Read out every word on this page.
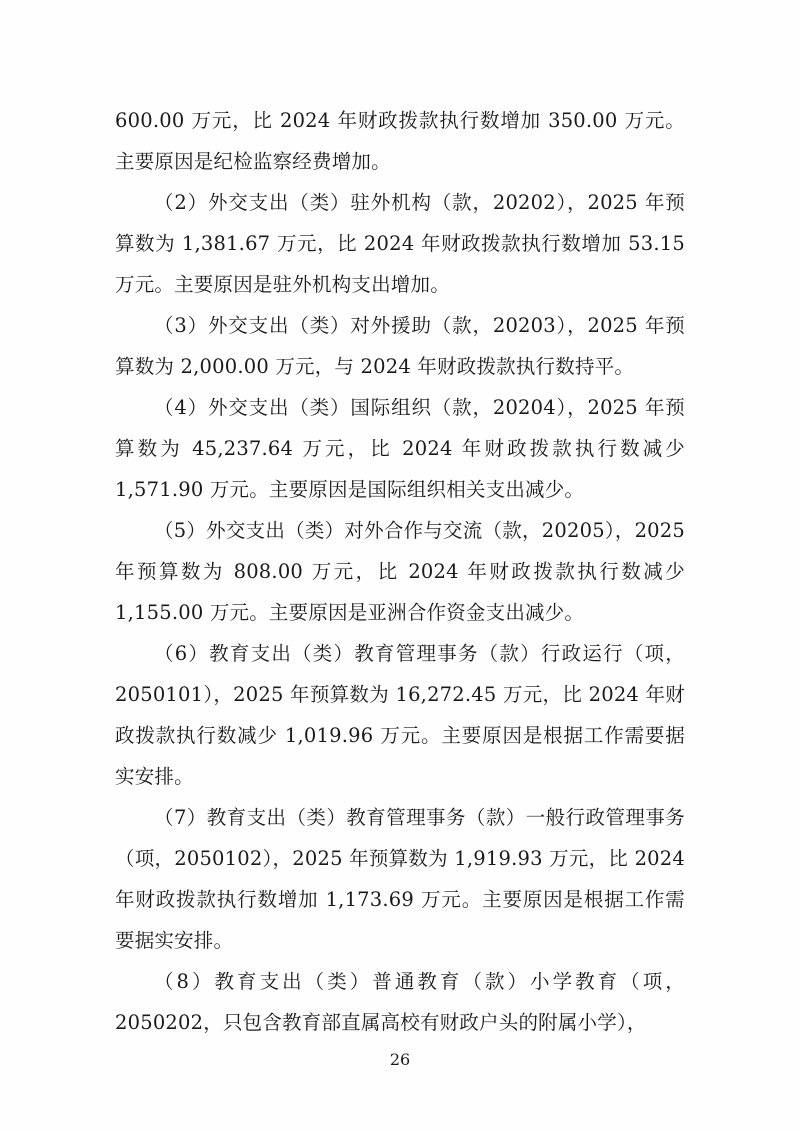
600.00 万元，比 2024 年财政拨款执行数增加 350.00 万元。主要原因是纪检监察经费增加。

（2）外交支出（类）驻外机构（款，20202），2025 年预算数为 1,381.67 万元，比 2024 年财政拨款执行数增加 53.15 万元。主要原因是驻外机构支出增加。

（3）外交支出（类）对外援助（款，20203），2025 年预算数为 2,000.00 万元，与 2024 年财政拨款执行数持平。

（4）外交支出（类）国际组织（款，20204），2025 年预算数为 45,237.64 万元，比 2024 年财政拨款执行数减少 1,571.90 万元。主要原因是国际组织相关支出减少。

（5）外交支出（类）对外合作与交流（款，20205），2025 年预算数为 808.00 万元，比 2024 年财政拨款执行数减少 1,155.00 万元。主要原因是亚洲合作资金支出减少。

（6）教育支出（类）教育管理事务（款）行政运行（项，2050101），2025 年预算数为 16,272.45 万元，比 2024 年财政拨款执行数减少 1,019.96 万元。主要原因是根据工作需要据实安排。

（7）教育支出（类）教育管理事务（款）一般行政管理事务（项，2050102），2025 年预算数为 1,919.93 万元，比 2024 年财政拨款执行数增加 1,173.69 万元。主要原因是根据工作需要据实安排。

（8）教育支出（类）普通教育（款）小学教育（项，2050202，只包含教育部直属高校有财政户头的附属小学），

26
